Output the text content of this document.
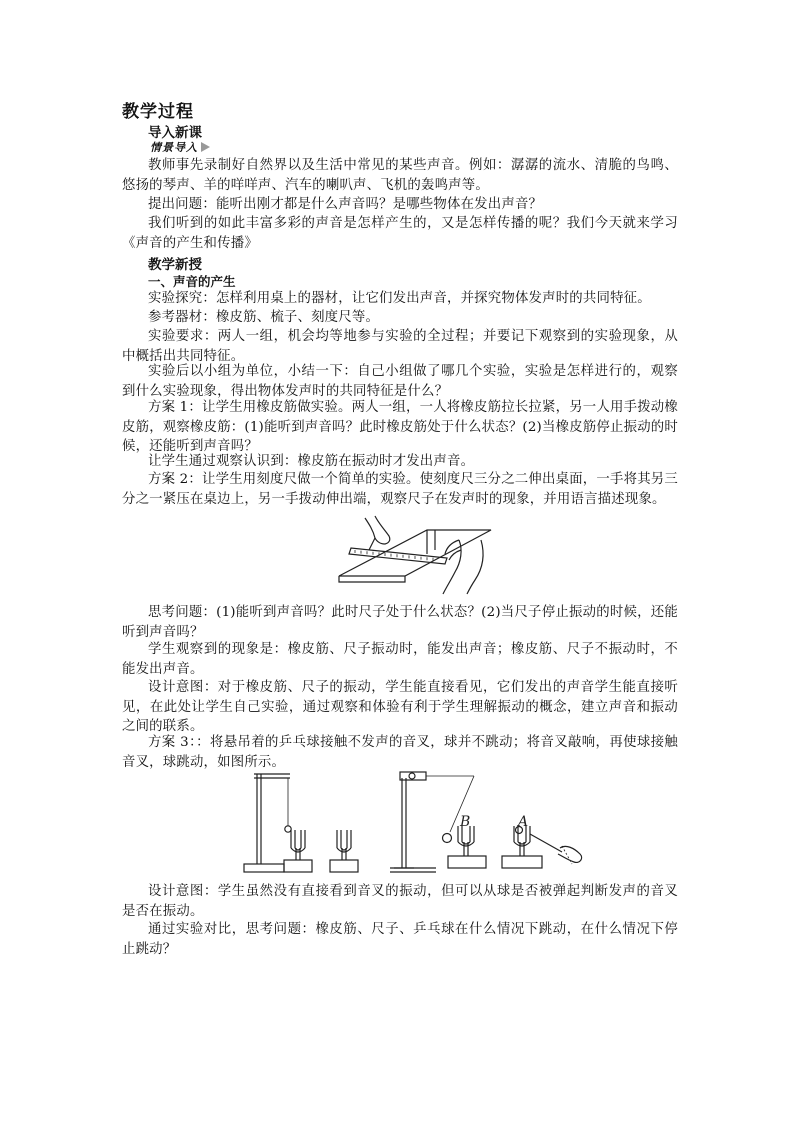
教学过程
导入新课
情景导入
教师事先录制好自然界以及生活中常见的某些声音。例如：潺潺的流水、清脆的鸟鸣、悠扬的琴声、羊的咩咩声、汽车的喇叭声、飞机的轰鸣声等。
提出问题：能听出刚才都是什么声音吗？是哪些物体在发出声音？
我们听到的如此丰富多彩的声音是怎样产生的，又是怎样传播的呢？我们今天就来学习《声音的产生和传播》
教学新授
一、声音的产生
实验探究：怎样利用桌上的器材，让它们发出声音，并探究物体发声时的共同特征。
参考器材：橡皮筋、梳子、刻度尺等。
实验要求：两人一组，机会均等地参与实验的全过程；并要记下观察到的实验现象，从中概括出共同特征。
实验后以小组为单位，小结一下：自己小组做了哪几个实验，实验是怎样进行的，观察到什么实验现象，得出物体发声时的共同特征是什么？
方案 1：让学生用橡皮筋做实验。两人一组，一人将橡皮筋拉长拉紧，另一人用手拨动橡皮筋，观察橡皮筋：(1)能听到声音吗？此时橡皮筋处于什么状态？(2)当橡皮筋停止振动的时候，还能听到声音吗？
让学生通过观察认识到：橡皮筋在振动时才发出声音。
方案 2：让学生用刻度尺做一个简单的实验。使刻度尺三分之二伸出桌面，一手将其另三分之一紧压在桌边上，另一手拨动伸出端，观察尺子在发声时的现象，并用语言描述现象。
思考问题：(1)能听到声音吗？此时尺子处于什么状态？(2)当尺子停止振动的时候，还能听到声音吗？
学生观察到的现象是：橡皮筋、尺子振动时，能发出声音；橡皮筋、尺子不振动时，不能发出声音。
设计意图：对于橡皮筋、尺子的振动，学生能直接看见，它们发出的声音学生能直接听见，在此处让学生自己实验，通过观察和体验有利于学生理解振动的概念，建立声音和振动之间的联系。
方案 3：：将悬吊着的乒乓球接触不发声的音叉，球并不跳动；将音叉敲响，再使球接触音叉，球跳动，如图所示。
B	A
设计意图：学生虽然没有直接看到音叉的振动，但可以从球是否被弹起判断发声的音叉是否在振动。
通过实验对比，思考问题：橡皮筋、尺子、乒乓球在什么情况下跳动，在什么情况下停止跳动？
